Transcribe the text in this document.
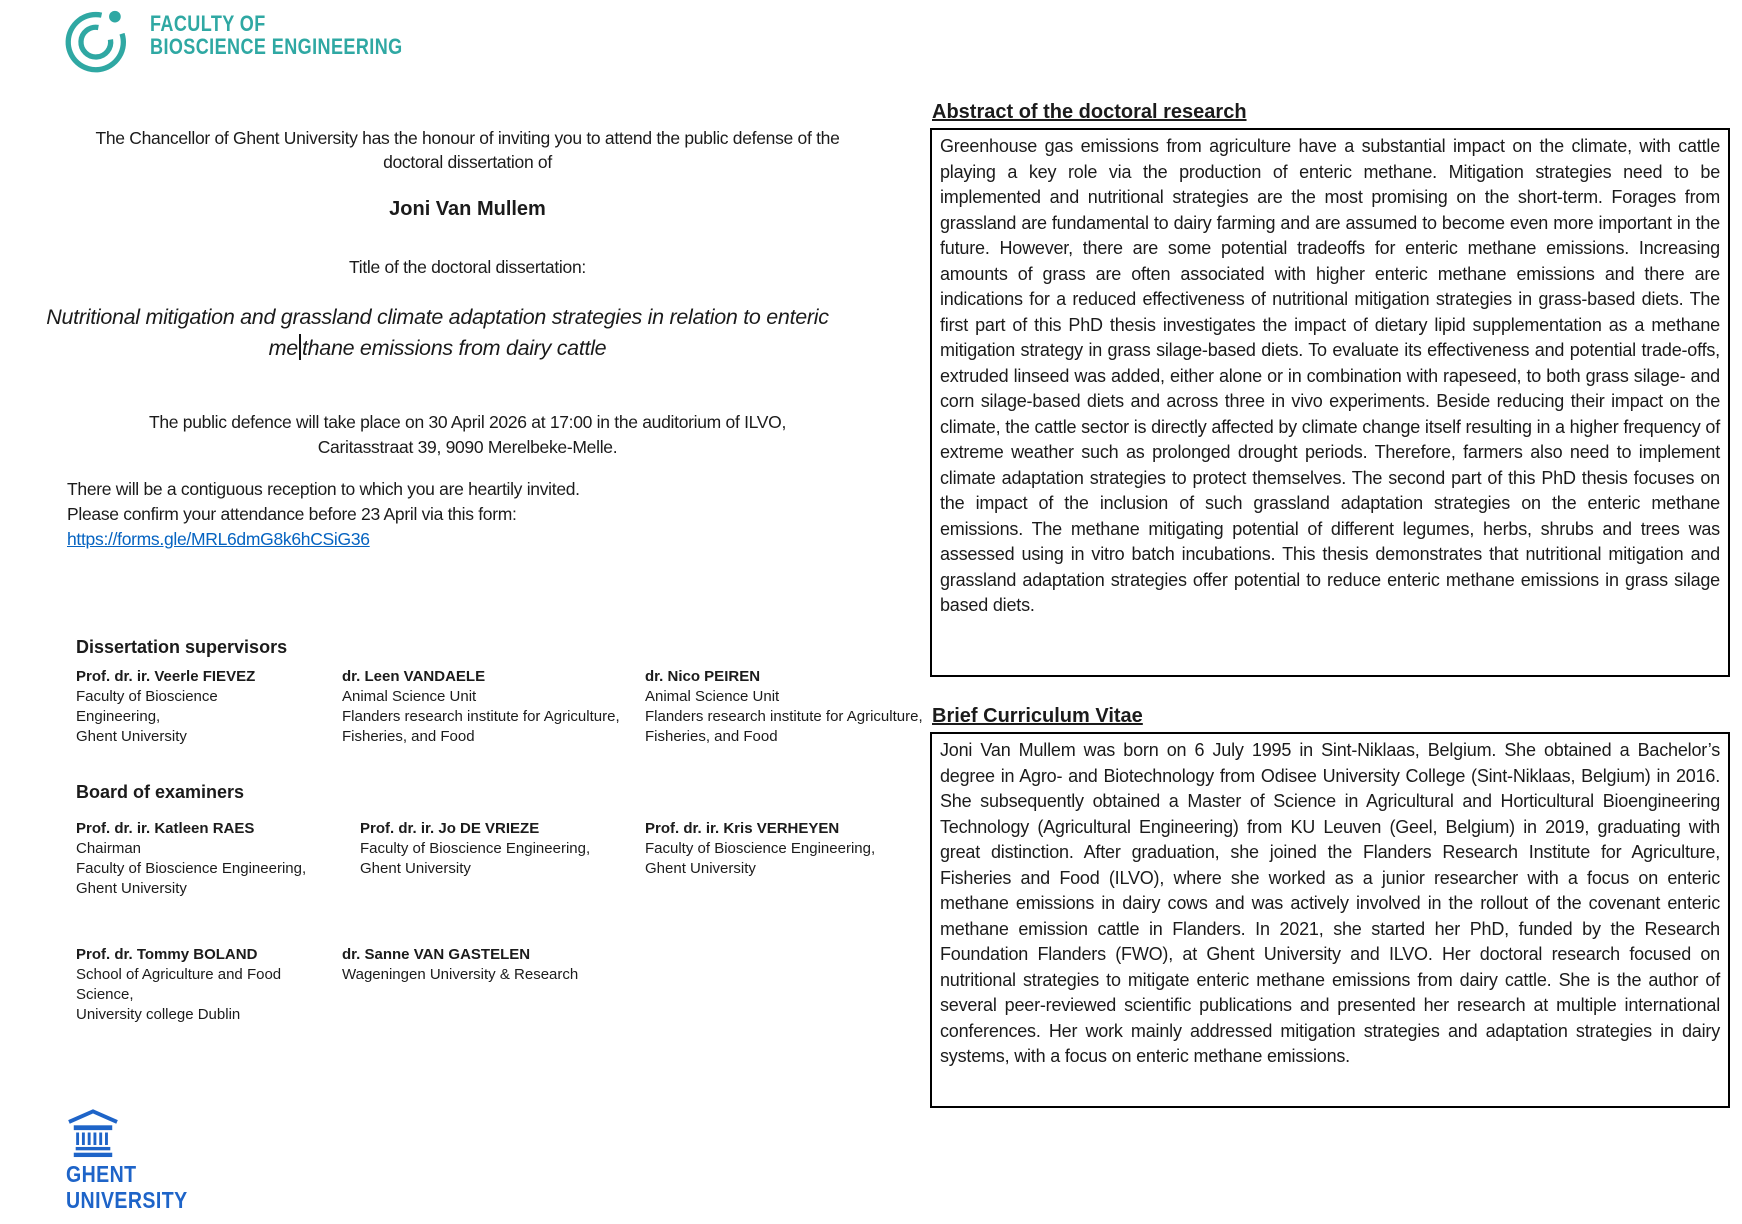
FACULTY OF
BIOSCIENCE ENGINEERING
The Chancellor of Ghent University has the honour of inviting you to attend the public defense of the
doctoral dissertation of
Joni Van Mullem
Title of the doctoral dissertation:
Nutritional mitigation and grassland climate adaptation strategies in relation to enteric
me thane emissions from dairy cattle
The public defence will take place on 30 April 2026 at 17:00 in the auditorium of ILVO,
Caritasstraat 39, 9090 Merelbeke-Melle.
There will be a contiguous reception to which you are heartily invited.
Please confirm your attendance before 23 April via this form:
https://forms.gle/MRL6dmG8k6hCSiG36
Dissertation supervisors
Prof. dr. ir. Veerle FIEVEZ
Faculty of Bioscience
Engineering,
Ghent University
dr. Leen VANDAELE
Animal Science Unit
Flanders research institute for Agriculture,
Fisheries, and Food
dr. Nico PEIREN
Animal Science Unit
Flanders research institute for Agriculture,
Fisheries, and Food
Board of examiners
Prof. dr. ir. Katleen RAES
Chairman
Faculty of Bioscience Engineering,
Ghent University
Prof. dr. ir. Jo DE VRIEZE
Faculty of Bioscience Engineering,
Ghent University
Prof. dr. ir. Kris VERHEYEN
Faculty of Bioscience Engineering,
Ghent University
Prof. dr. Tommy BOLAND
School of Agriculture and Food Science,
University college Dublin
dr. Sanne VAN GASTELEN
Wageningen University & Research
Abstract of the doctoral research

Greenhouse gas emissions from agriculture have a substantial impact on the climate, with cattle playing a key role via the production of enteric methane. Mitigation strategies need to be implemented and nutritional strategies are the most promising on the short-term. Forages from grassland are fundamental to dairy farming and are assumed to become even more important in the future. However, there are some potential tradeoffs for enteric methane emissions. Increasing amounts of grass are often associated with higher enteric methane emissions and there are indications for a reduced effectiveness of nutritional mitigation strategies in grass-based diets. The first part of this PhD thesis investigates the impact of dietary lipid supplementation as a methane mitigation strategy in grass silage-based diets. To evaluate its effectiveness and potential trade-offs, extruded linseed was added, either alone or in combination with rapeseed, to both grass silage- and corn silage-based diets and across three in vivo experiments. Beside reducing their impact on the climate, the cattle sector is directly affected by climate change itself resulting in a higher frequency of extreme weather such as prolonged drought periods. Therefore, farmers also need to implement climate adaptation strategies to protect themselves. The second part of this PhD thesis focuses on the impact of the inclusion of such grassland adaptation strategies on the enteric methane emissions. The methane mitigating potential of different legumes, herbs, shrubs and trees was assessed using in vitro batch incubations. This thesis demonstrates that nutritional mitigation and grassland adaptation strategies offer potential to reduce enteric methane emissions in grass silage based diets.

Brief Curriculum Vitae

Joni Van Mullem was born on 6 July 1995 in Sint-Niklaas, Belgium. She obtained a Bachelor’s degree in Agro- and Biotechnology from Odisee University College (Sint-Niklaas, Belgium) in 2016. She subsequently obtained a Master of Science in Agricultural and Horticultural Bioengineering Technology (Agricultural Engineering) from KU Leuven (Geel, Belgium) in 2019, graduating with great distinction. After graduation, she joined the Flanders Research Institute for Agriculture, Fisheries and Food (ILVO), where she worked as a junior researcher with a focus on enteric methane emissions in dairy cows and was actively involved in the rollout of the covenant enteric methane emission cattle in Flanders. In 2021, she started her PhD, funded by the Research Foundation Flanders (FWO), at Ghent University and ILVO. Her doctoral research focused on nutritional strategies to mitigate enteric methane emissions from dairy cattle. She is the author of several peer-reviewed scientific publications and presented her research at multiple international conferences. Her work mainly addressed mitigation strategies and adaptation strategies in dairy systems, with a focus on enteric methane emissions.

GHENT
UNIVERSITY
